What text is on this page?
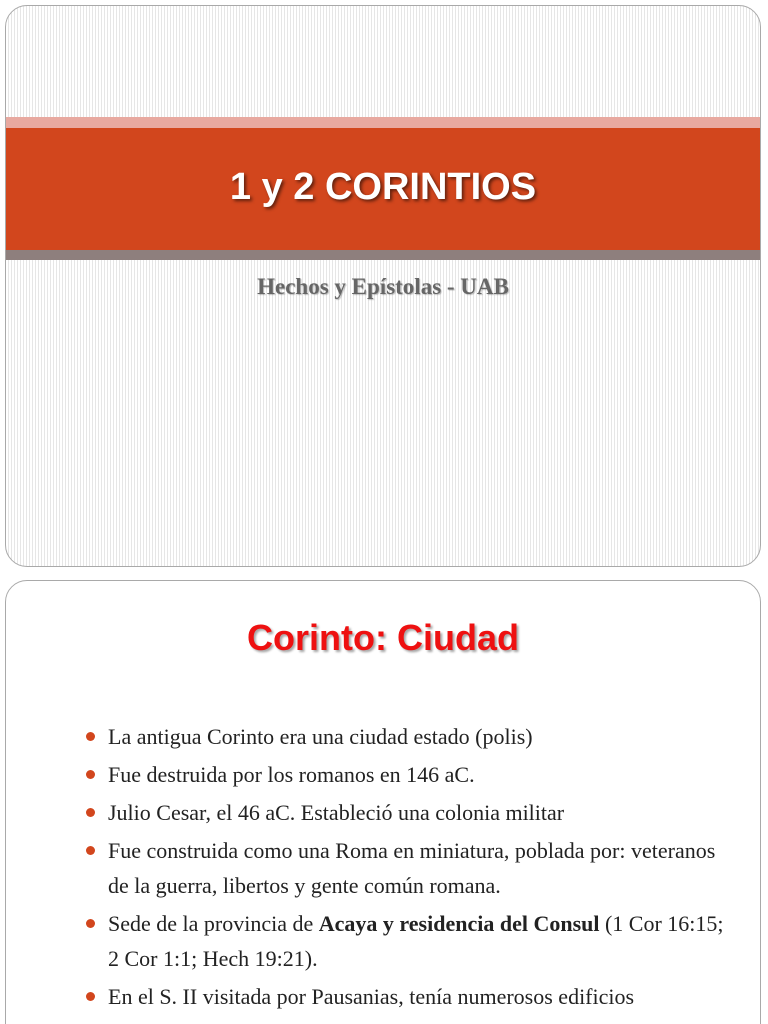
1 y 2 CORINTIOS
Hechos y Epístolas - UAB
Corinto: Ciudad
La antigua Corinto era una ciudad estado (polis)
Fue destruida por los romanos en 146 aC.
Julio Cesar, el 46 aC. Estableció una colonia militar
Fue construida como una Roma en miniatura, poblada por: veteranos de la guerra, libertos y gente común romana.
Sede de la provincia de Acaya y residencia del Consul (1 Cor 16:15; 2 Cor 1:1; Hech 19:21).
En el S. II visitada por Pausanias, tenía numerosos edificios
